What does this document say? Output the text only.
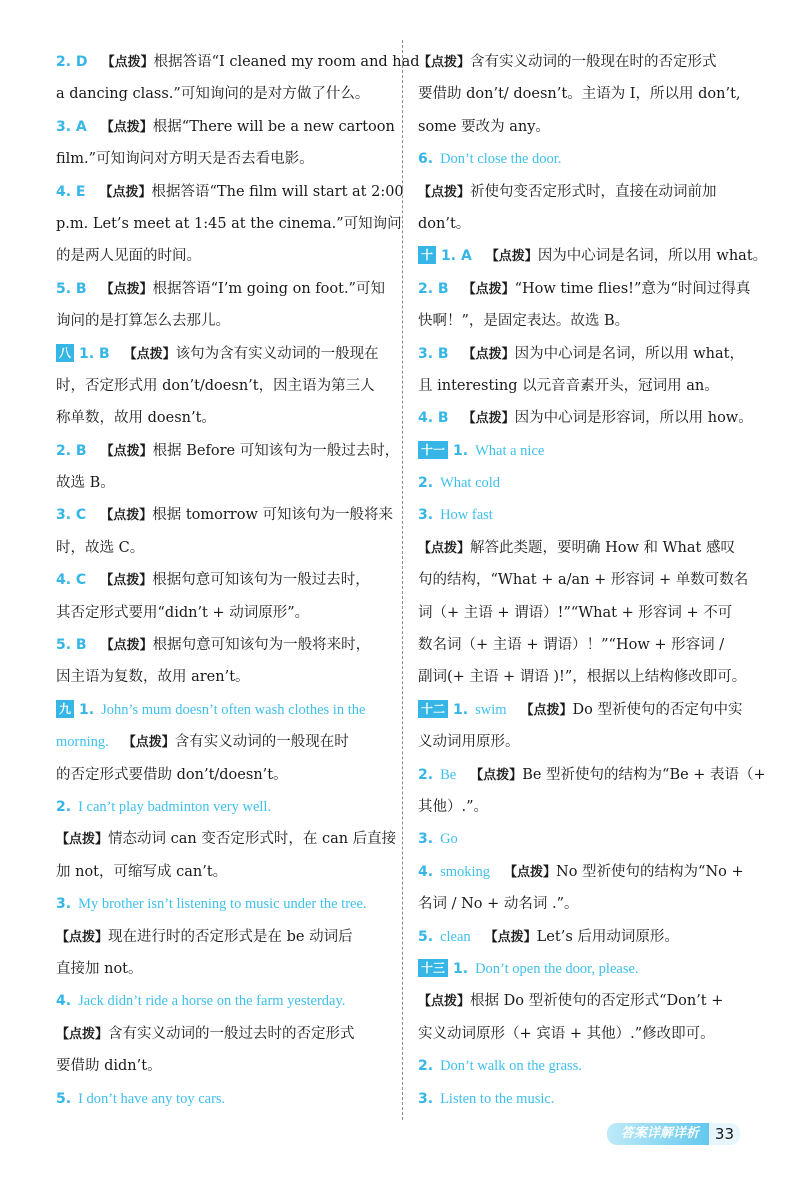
2. D 【点拨】根据答语“I cleaned my room and had
a dancing class.”可知询问的是对方做了什么。
3. A 【点拨】根据“There will be a new cartoon
film.”可知询问对方明天是否去看电影。
4. E 【点拨】根据答语“The film will start at 2:00
p.m. Let’s meet at 1:45 at the cinema.”可知询问
的是两人见面的时间。
5. B 【点拨】根据答语“I’m going on foot.”可知
询问的是打算怎么去那儿。
八 1. B 【点拨】该句为含有实义动词的一般现在
时，否定形式用 don’t/doesn’t，因主语为第三人
称单数，故用 doesn’t。
2. B 【点拨】根据 Before 可知该句为一般过去时，
故选 B。
3. C 【点拨】根据 tomorrow 可知该句为一般将来
时，故选 C。
4. C 【点拨】根据句意可知该句为一般过去时，
其否定形式要用“didn’t + 动词原形”。
5. B 【点拨】根据句意可知该句为一般将来时，
因主语为复数，故用 aren’t。
九 1. John’s mum doesn’t often wash clothes in the
morning. 【点拨】含有实义动词的一般现在时
的否定形式要借助 don’t/doesn’t。
2. I can’t play badminton very well.
【点拨】情态动词 can 变否定形式时，在 can 后直接
加 not，可缩写成 can’t。
3. My brother isn’t listening to music under the tree.
【点拨】现在进行时的否定形式是在 be 动词后
直接加 not。
4. Jack didn’t ride a horse on the farm yesterday.
【点拨】含有实义动词的一般过去时的否定形式
要借助 didn’t。
5. I don’t have any toy cars.
【点拨】含有实义动词的一般现在时的否定形式
要借助 don’t/ doesn’t。主语为 I，所以用 don’t,
some 要改为 any。
6. Don’t close the door.
【点拨】祈使句变否定形式时，直接在动词前加
don’t。
十 1. A 【点拨】因为中心词是名词，所以用 what。
2. B 【点拨】“How time flies!”意为“时间过得真
快啊！”，是固定表达。故选 B。
3. B 【点拨】因为中心词是名词，所以用 what，
且 interesting 以元音音素开头，冠词用 an。
4. B 【点拨】因为中心词是形容词，所以用 how。
十一 1. What a nice
2. What cold
3. How fast
【点拨】解答此类题，要明确 How 和 What 感叹
句的结构，“What + a/an + 形容词 + 单数可数名
词（+ 主语 + 谓语）!”“What + 形容词 + 不可
数名词（+ 主语 + 谓语）！”“How + 形容词 /
副词(+ 主语 + 谓语 )!”，根据以上结构修改即可。
十二 1. swim 【点拨】Do 型祈使句的否定句中实
义动词用原形。
2. Be 【点拨】Be 型祈使句的结构为“Be + 表语（+
其他）.”。
3. Go
4. smoking 【点拨】No 型祈使句的结构为“No +
名词 / No + 动名词 .”。
5. clean 【点拨】Let’s 后用动词原形。
十三 1. Don’t open the door, please.
【点拨】根据 Do 型祈使句的否定形式“Don’t +
实义动词原形（+ 宾语 + 其他）.”修改即可。
2. Don’t walk on the grass.
3. Listen to the music.
答案详解详析	33
